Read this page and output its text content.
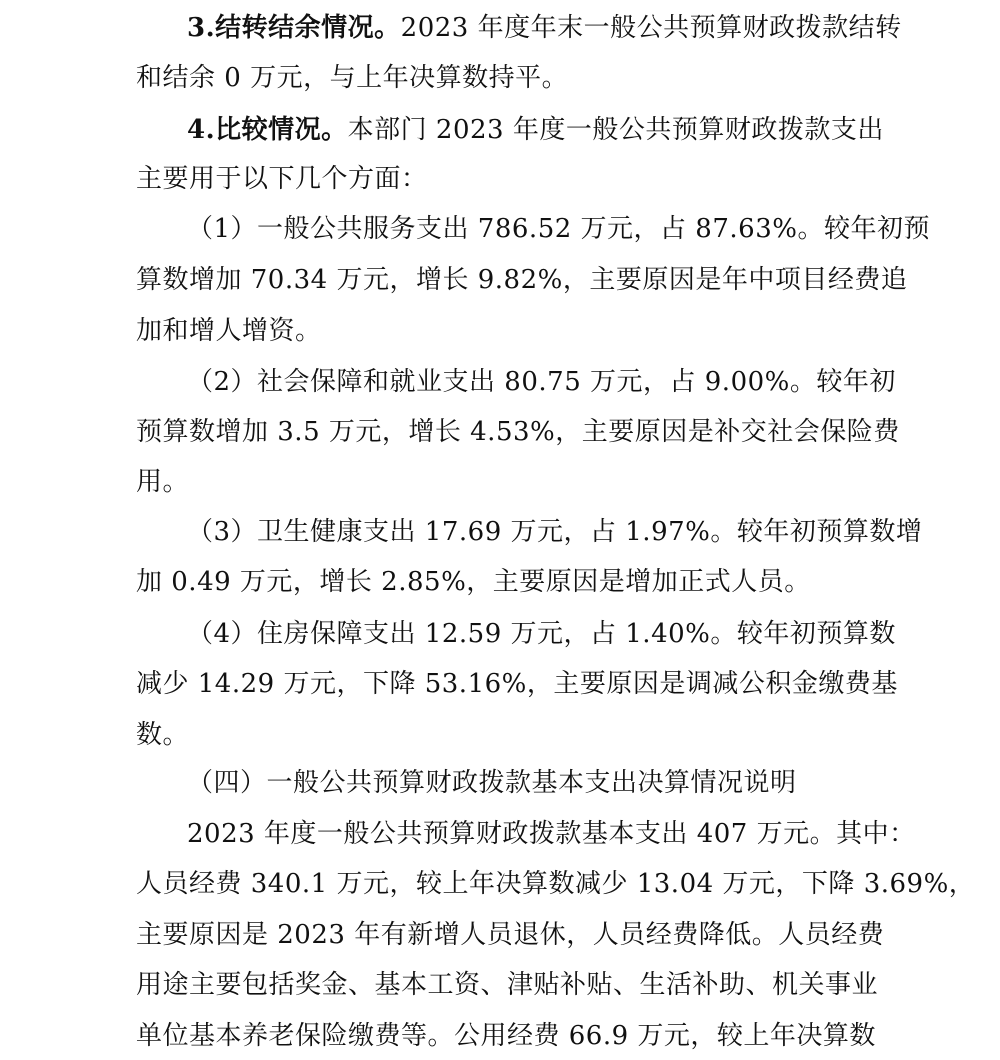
3.结转结余情况。2023 年度年末一般公共预算财政拨款结转
和结余 0 万元，与上年决算数持平。
4.比较情况。本部门 2023 年度一般公共预算财政拨款支出
主要用于以下几个方面：
（1）一般公共服务支出 786.52 万元，占 87.63%。较年初预
算数增加 70.34 万元，增长 9.82%，主要原因是年中项目经费追
加和增人增资。
（2）社会保障和就业支出 80.75 万元，占 9.00%。较年初
预算数增加 3.5 万元，增长 4.53%，主要原因是补交社会保险费
用。
（3）卫生健康支出 17.69 万元，占 1.97%。较年初预算数增
加 0.49 万元，增长 2.85%，主要原因是增加正式人员。
（4）住房保障支出 12.59 万元，占 1.40%。较年初预算数
减少 14.29 万元，下降 53.16%，主要原因是调减公积金缴费基
数。
（四）一般公共预算财政拨款基本支出决算情况说明
2023 年度一般公共预算财政拨款基本支出 407 万元。其中：
人员经费 340.1 万元，较上年决算数减少 13.04 万元，下降 3.69%，
主要原因是 2023 年有新增人员退休，人员经费降低。人员经费
用途主要包括奖金、基本工资、津贴补贴、生活补助、机关事业
单位基本养老保险缴费等。公用经费 66.9 万元，较上年决算数
